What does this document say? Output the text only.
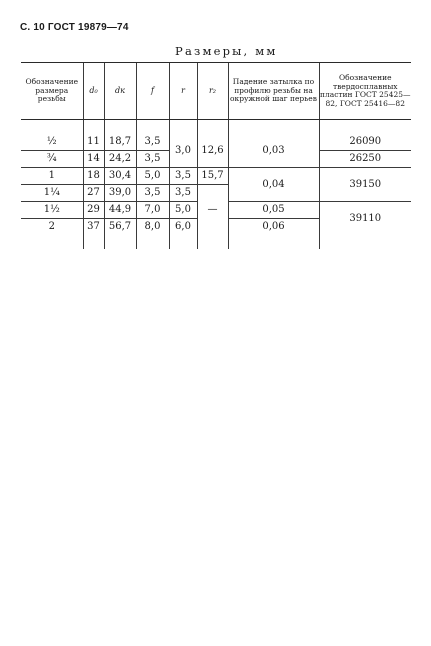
С. 10 ГОСТ 19879—74
Размеры, мм
Обозначение размера резьбы	d₀	dк	f	r	r₂	Падение затылка по профилю резьбы на окружной шаг перьев	Обозначение твердосплавных пластин ГОСТ 25425—82, ГОСТ 25416—82

½	11	18,7	3,5	3,0	12,6	0,03	26090
¾	14	24,2	3,5				26250
1	18	30,4	5,0	3,5	15,7	0,04	39150
1¼	27	39,0	3,5	3,5	—		
1½	29	44,9	7,0	5,0		0,05	39110
2	37	56,7	8,0	6,0		0,06	
